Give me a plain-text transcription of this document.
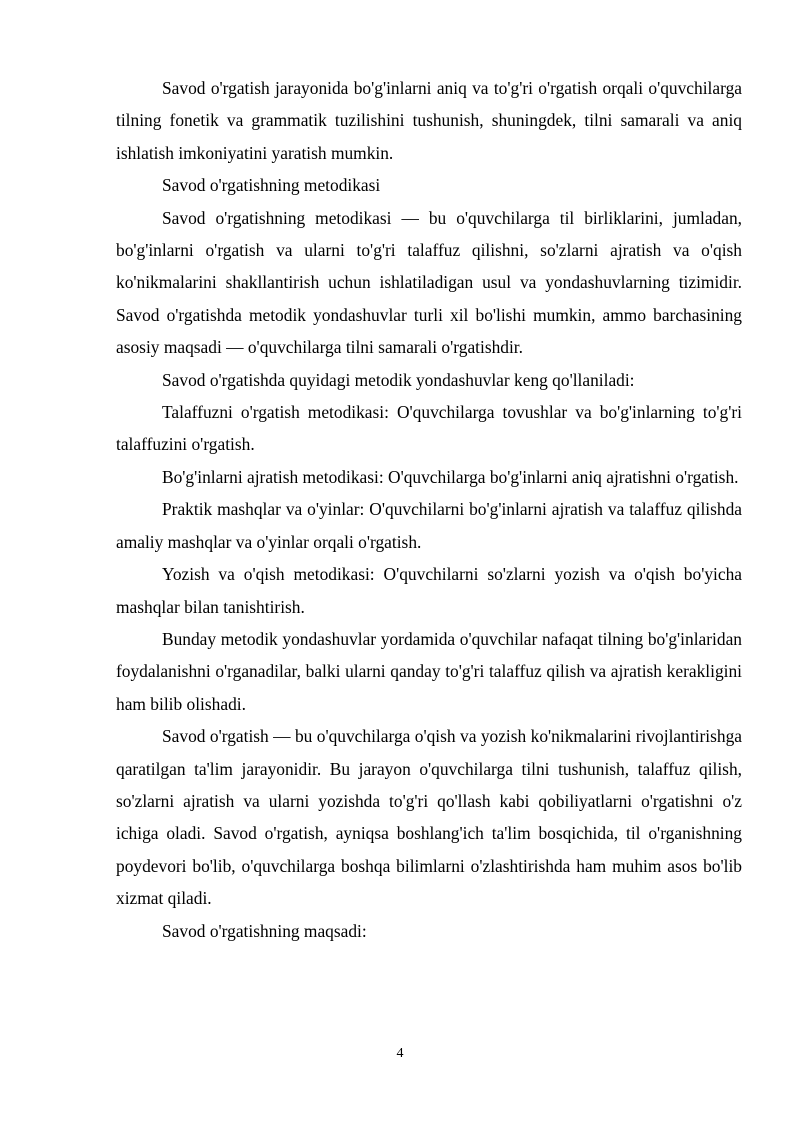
Savod o'rgatish jarayonida bo'g'inlarni aniq va to'g'ri o'rgatish orqali o'quvchilarga tilning fonetik va grammatik tuzilishini tushunish, shuningdek, tilni samarali va aniq ishlatish imkoniyatini yaratish mumkin.

Savod o'rgatishning metodikasi

Savod o'rgatishning metodikasi — bu o'quvchilarga til birliklarini, jumladan, bo'g'inlarni o'rgatish va ularni to'g'ri talaffuz qilishni, so'zlarni ajratish va o'qish ko'nikmalarini shakllantirish uchun ishlatiladigan usul va yondashuvlarning tizimidir. Savod o'rgatishda metodik yondashuvlar turli xil bo'lishi mumkin, ammo barchasining asosiy maqsadi — o'quvchilarga tilni samarali o'rgatishdir.

Savod o'rgatishda quyidagi metodik yondashuvlar keng qo'llaniladi:

Talaffuzni o'rgatish metodikasi: O'quvchilarga tovushlar va bo'g'inlarning to'g'ri talaffuzini o'rgatish.

Bo'g'inlarni ajratish metodikasi: O'quvchilarga bo'g'inlarni aniq ajratishni o'rgatish.

Praktik mashqlar va o'yinlar: O'quvchilarni bo'g'inlarni ajratish va talaffuz qilishda amaliy mashqlar va o'yinlar orqali o'rgatish.

Yozish va o'qish metodikasi: O'quvchilarni so'zlarni yozish va o'qish bo'yicha mashqlar bilan tanishtirish.

Bunday metodik yondashuvlar yordamida o'quvchilar nafaqat tilning bo'g'inlaridan foydalanishni o'rganadilar, balki ularni qanday to'g'ri talaffuz qilish va ajratish kerakligini ham bilib olishadi.

Savod o'rgatish — bu o'quvchilarga o'qish va yozish ko'nikmalarini rivojlantirishga qaratilgan ta'lim jarayonidir. Bu jarayon o'quvchilarga tilni tushunish, talaffuz qilish, so'zlarni ajratish va ularni yozishda to'g'ri qo'llash kabi qobiliyatlarni o'rgatishni o'z ichiga oladi. Savod o'rgatish, ayniqsa boshlang'ich ta'lim bosqichida, til o'rganishning poydevori bo'lib, o'quvchilarga boshqa bilimlarni o'zlashtirishda ham muhim asos bo'lib xizmat qiladi.

Savod o'rgatishning maqsadi:

4
